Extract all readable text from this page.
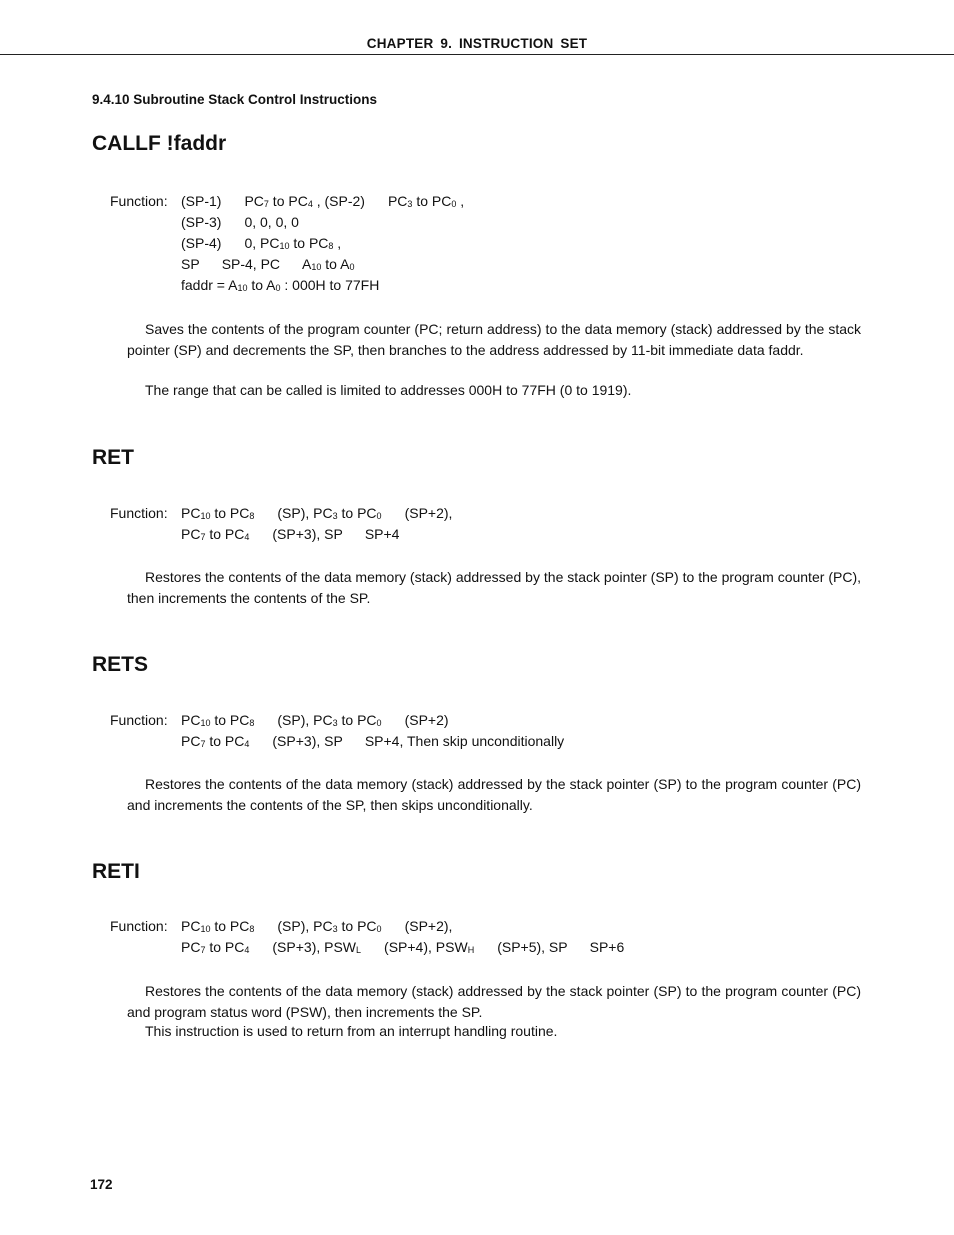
CHAPTER 9. INSTRUCTION SET
9.4.10 Subroutine Stack Control Instructions
CALLF !faddr
Function: (SP-1) $PC_7$ to $PC_4$ , (SP-2) $PC_3$ to $PC_0$ ,
(SP-3) 0, 0, 0, 0
(SP-4) 0, $PC_{10}$ to $PC_8$ ,
SP SP-4, PC $A_{10}$ to $A_0$
faddr = $A_{10}$ to $A_0$ : 000H to 77FH

Saves the contents of the program counter (PC; return address) to the data memory (stack) addressed by the stack pointer (SP) and decrements the SP, then branches to the address addressed by 11-bit immediate data faddr.

The range that can be called is limited to addresses 000H to 77FH (0 to 1919).

RET
Function: $PC_{10}$ to $PC_8$ (SP), $PC_3$ to $PC_0$ (SP+2),
$PC_7$ to $PC_4$ (SP+3), SP SP+4

Restores the contents of the data memory (stack) addressed by the stack pointer (SP) to the program counter (PC), then increments the contents of the SP.

RETS
Function: $PC_{10}$ to $PC_8$ (SP), $PC_3$ to $PC_0$ (SP+2)
$PC_7$ to $PC_4$ (SP+3), SP SP+4, Then skip unconditionally

Restores the contents of the data memory (stack) addressed by the stack pointer (SP) to the program counter (PC) and increments the contents of the SP, then skips unconditionally.

RETI
Function: $PC_{10}$ to $PC_8$ (SP), $PC_3$ to $PC_0$ (SP+2),
$PC_7$ to $PC_4$ (SP+3), $PSW_L$ (SP+4), $PSW_H$ (SP+5), SP SP+6

Restores the contents of the data memory (stack) addressed by the stack pointer (SP) to the program counter (PC) and program status word (PSW), then increments the SP.

This instruction is used to return from an interrupt handling routine.

172
